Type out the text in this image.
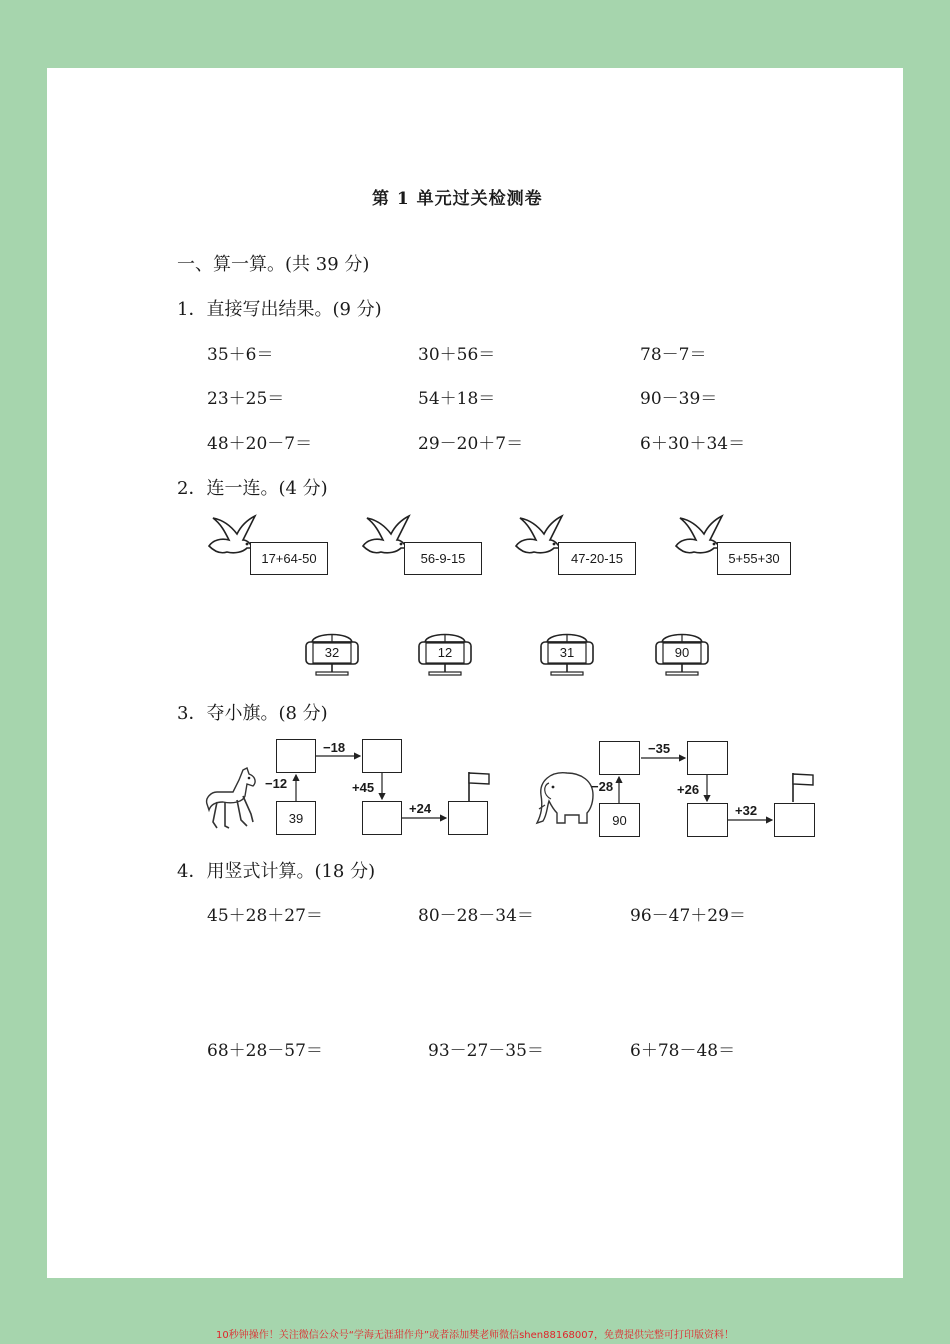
第 1 单元过关检测卷
一、算一算。(共 39 分)
1．直接写出结果。(9 分)
35＋6＝	30＋56＝	78－7＝
23＋25＝	54＋18＝	90－39＝
48＋20－7＝	29－20＋7＝	6＋30＋34＝
2．连一连。(4 分)
17+64-50	56-9-15	47-20-15	5+55+30
32	12	31	90
3．夺小旗。(8 分)
39
−12
−18
+45
+24
90
−28
−35
+26
+32
4．用竖式计算。(18 分)
45＋28＋27＝	80－28－34＝	96－47＋29＝
68＋28－57＝	93－27－35＝	6＋78－48＝
10秒钟操作！关注微信公众号“学海无涯甜作舟”或者添加樊老师微信shen88168007，免费提供完整可打印版资料！
